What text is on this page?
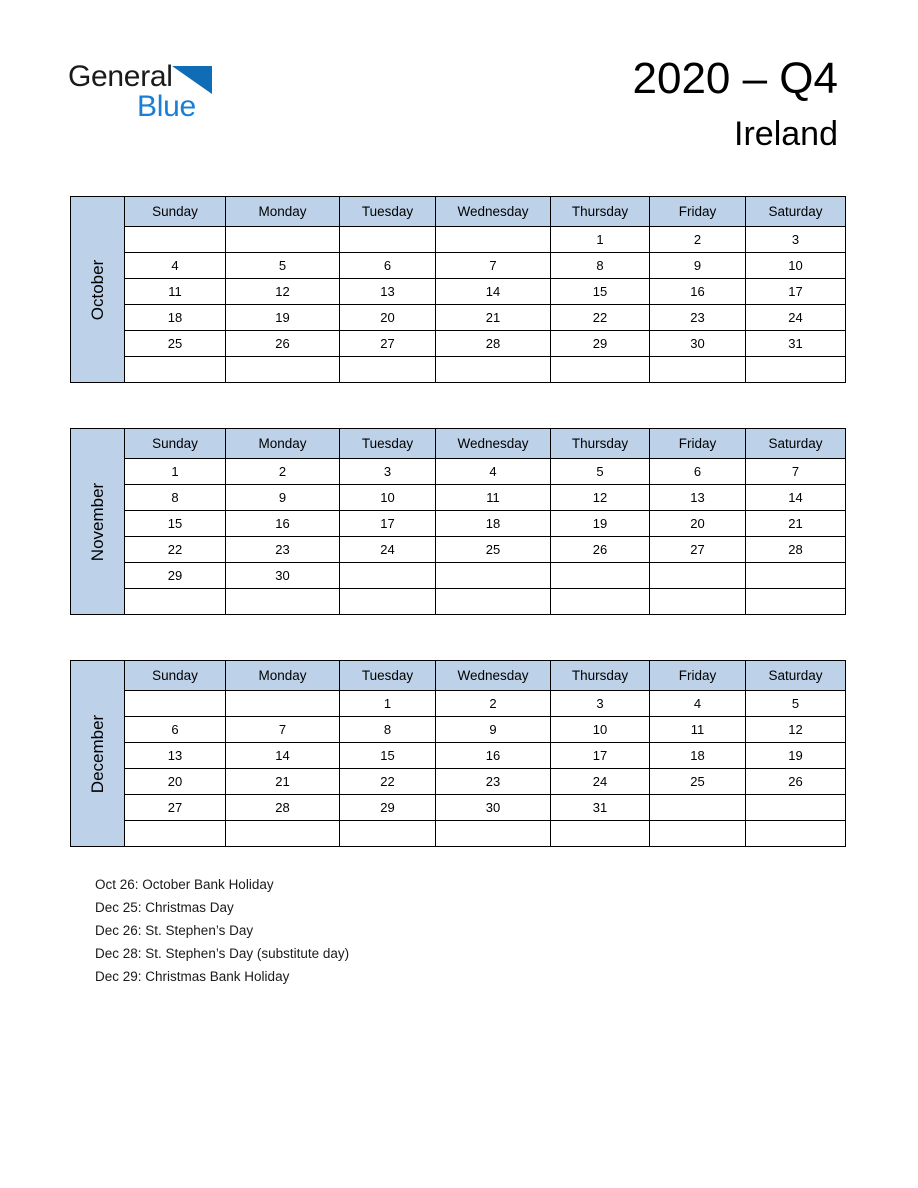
General
Blue
2020 – Q4
Ireland
October
Sunday	Monday	Tuesday	Wednesday	Thursday	Friday	Saturday
				1	2	3
4	5	6	7	8	9	10
11	12	13	14	15	16	17
18	19	20	21	22	23	24
25	26	27	28	29	30	31

November
Sunday	Monday	Tuesday	Wednesday	Thursday	Friday	Saturday
1	2	3	4	5	6	7
8	9	10	11	12	13	14
15	16	17	18	19	20	21
22	23	24	25	26	27	28
29	30					

December
Sunday	Monday	Tuesday	Wednesday	Thursday	Friday	Saturday
		1	2	3	4	5
6	7	8	9	10	11	12
13	14	15	16	17	18	19
20	21	22	23	24	25	26
27	28	29	30	31		

Oct 26: October Bank Holiday
Dec 25: Christmas Day
Dec 26: St. Stephen’s Day
Dec 28: St. Stephen’s Day (substitute day)
Dec 29: Christmas Bank Holiday
